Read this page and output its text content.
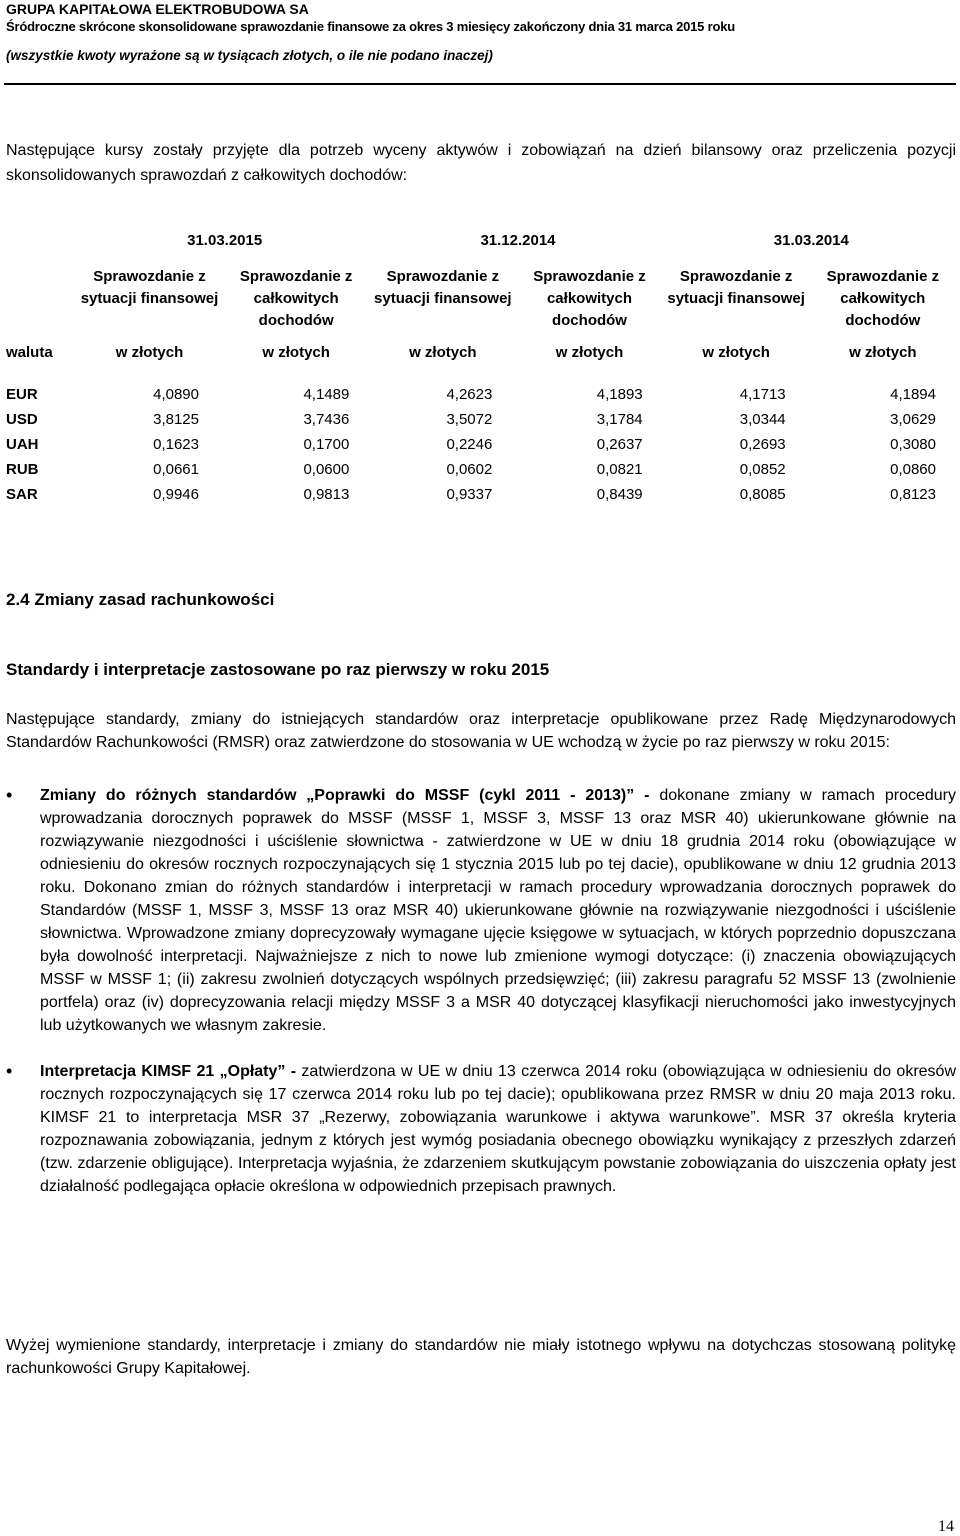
GRUPA KAPITAŁOWA ELEKTROBUDOWA SA
Śródroczne skrócone skonsolidowane sprawozdanie finansowe za okres 3 miesięcy zakończony dnia 31 marca 2015 roku
(wszystkie kwoty wyrażone są w tysiącach złotych, o ile nie podano inaczej)
Następujące kursy zostały przyjęte dla potrzeb wyceny aktywów i zobowiązań na dzień bilansowy oraz przeliczenia pozycji skonsolidowanych sprawozdań z całkowitych dochodów:

	31.03.2015		31.12.2014		31.03.2014	

	Sprawozdanie z sytuacji finansowej	Sprawozdanie z całkowitych dochodów	Sprawozdanie z sytuacji finansowej	Sprawozdanie z całkowitych dochodów	Sprawozdanie z sytuacji finansowej	Sprawozdanie z całkowitych dochodów
waluta	w złotych	w złotych	w złotych	w złotych	w złotych	w złotych

EUR	4,0890	4,1489	4,2623	4,1893	4,1713	4,1894
USD	3,8125	3,7436	3,5072	3,1784	3,0344	3,0629
UAH	0,1623	0,1700	0,2246	0,2637	0,2693	0,3080
RUB	0,0661	0,0600	0,0602	0,0821	0,0852	0,0860
SAR	0,9946	0,9813	0,9337	0,8439	0,8085	0,8123
2.4 Zmiany zasad rachunkowości
Standardy i interpretacje zastosowane po raz pierwszy w roku 2015
Następujące standardy, zmiany do istniejących standardów oraz interpretacje opublikowane przez Radę Międzynarodowych Standardów Rachunkowości (RMSR) oraz zatwierdzone do stosowania w UE wchodzą w życie po raz pierwszy w roku 2015:
• Zmiany do różnych standardów „Poprawki do MSSF (cykl 2011 - 2013)” - dokonane zmiany w ramach procedury wprowadzania dorocznych poprawek do MSSF (MSSF 1, MSSF 3, MSSF 13 oraz MSR 40) ukierunkowane głównie na rozwiązywanie niezgodności i uściślenie słownictwa - zatwierdzone w UE w dniu 18 grudnia 2014 roku (obowiązujące w odniesieniu do okresów rocznych rozpoczynających się 1 stycznia 2015 lub po tej dacie), opublikowane w dniu 12 grudnia 2013 roku. Dokonano zmian do różnych standardów i interpretacji w ramach procedury wprowadzania dorocznych poprawek do Standardów (MSSF 1, MSSF 3, MSSF 13 oraz MSR 40) ukierunkowane głównie na rozwiązywanie niezgodności i uściślenie słownictwa. Wprowadzone zmiany doprecyzowały wymagane ujęcie księgowe w sytuacjach, w których poprzednio dopuszczana była dowolność interpretacji. Najważniejsze z nich to nowe lub zmienione wymogi dotyczące: (i) znaczenia obowiązujących MSSF w MSSF 1; (ii) zakresu zwolnień dotyczących wspólnych przedsięwzięć; (iii) zakresu paragrafu 52 MSSF 13 (zwolnienie portfela) oraz (iv) doprecyzowania relacji między MSSF 3 a MSR 40 dotyczącej klasyfikacji nieruchomości jako inwestycyjnych lub użytkowanych we własnym zakresie.
• Interpretacja KIMSF 21 „Opłaty” - zatwierdzona w UE w dniu 13 czerwca 2014 roku (obowiązująca w odniesieniu do okresów rocznych rozpoczynających się 17 czerwca 2014 roku lub po tej dacie); opublikowana przez RMSR w dniu 20 maja 2013 roku. KIMSF 21 to interpretacja MSR 37 „Rezerwy, zobowiązania warunkowe i aktywa warunkowe”. MSR 37 określa kryteria rozpoznawania zobowiązania, jednym z których jest wymóg posiadania obecnego obowiązku wynikający z przeszłych zdarzeń (tzw. zdarzenie obligujące). Interpretacja wyjaśnia, że zdarzeniem skutkującym powstanie zobowiązania do uiszczenia opłaty jest działalność podlegająca opłacie określona w odpowiednich przepisach prawnych.
Wyżej wymienione standardy, interpretacje i zmiany do standardów nie miały istotnego wpływu na dotychczas stosowaną politykę rachunkowości Grupy Kapitałowej.
14
